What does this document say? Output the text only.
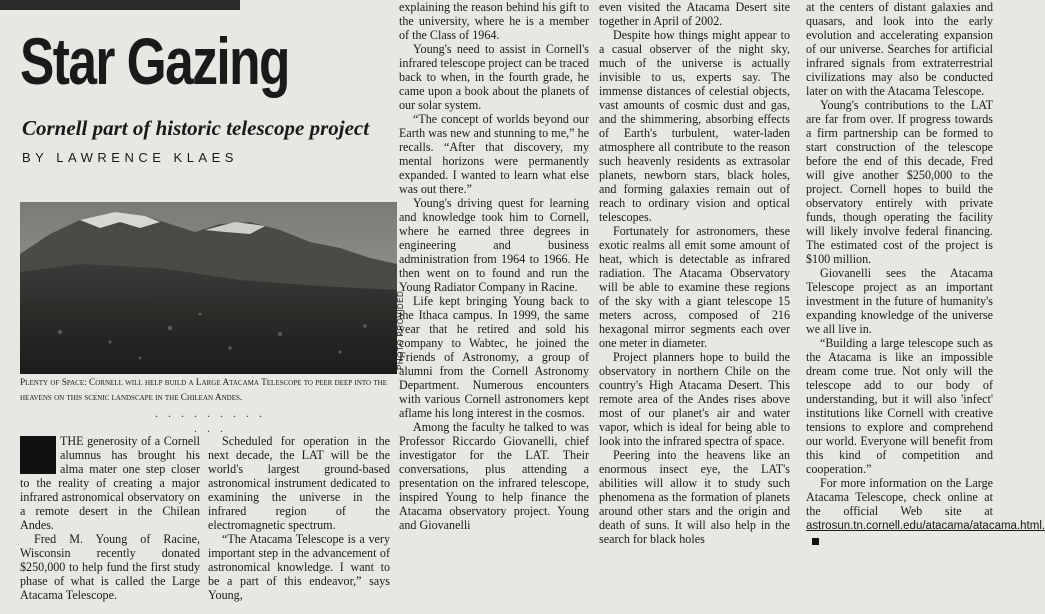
Star Gazing
Cornell part of historic telescope project
BY LAWRENCE KLAES
PHOTO PROVIDED

Plenty of Space: Cornell will help build a Large Atacama Telescope to peer deep into the heavens on this scenic landscape in the Chilean Andes.

· · · · · · · · · · · ·

THE generosity of a Cornell alumnus has brought his alma mater one step closer to the reality of creating a major infrared astronomical observatory on a remote desert in the Chilean Andes.

Fred M. Young of Racine, Wisconsin recently donated $250,000 to help fund the first study phase of what is called the Large Atacama Telescope.

Scheduled for operation in the next decade, the LAT will be the world's largest ground-based astronomical instrument dedicated to examining the universe in the infrared region of the electromagnetic spectrum.

“The Atacama Telescope is a very important step in the advancement of astronomical knowledge. I want to be a part of this endeavor,” says Young,

explaining the reason behind his gift to the university, where he is a member of the Class of 1964.

Young's need to assist in Cornell's infrared telescope project can be traced back to when, in the fourth grade, he came upon a book about the planets of our solar system.

“The concept of worlds beyond our Earth was new and stunning to me,” he recalls. “After that discovery, my mental horizons were permanently expanded. I wanted to learn what else was out there.”

Young's driving quest for learning and knowledge took him to Cornell, where he earned three degrees in engineering and business administration from 1964 to 1966. He then went on to found and run the Young Radiator Company in Racine.

Life kept bringing Young back to the Ithaca campus. In 1999, the same year that he retired and sold his company to Wabtec, he joined the Friends of Astronomy, a group of alumni from the Cornell Astronomy Department. Numerous encounters with various Cornell astronomers kept aflame his long interest in the cosmos.

Among the faculty he talked to was Professor Riccardo Giovanelli, chief investigator for the LAT. Their conversations, plus attending a presentation on the infrared telescope, inspired Young to help finance the Atacama observatory project. Young and Giovanelli

even visited the Atacama Desert site together in April of 2002.

Despite how things might appear to a casual observer of the night sky, much of the universe is actually invisible to us, experts say. The immense distances of celestial objects, vast amounts of cosmic dust and gas, and the shimmering, absorbing effects of Earth's turbulent, water-laden atmosphere all contribute to the reason such heavenly residents as extrasolar planets, newborn stars, black holes, and forming galaxies remain out of reach to ordinary vision and optical telescopes.

Fortunately for astronomers, these exotic realms all emit some amount of heat, which is detectable as infrared radiation. The Atacama Observatory will be able to examine these regions of the sky with a giant telescope 15 meters across, composed of 216 hexagonal mirror segments each over one meter in diameter.

Project planners hope to build the observatory in northern Chile on the country's High Atacama Desert. This remote area of the Andes rises above most of our planet's air and water vapor, which is ideal for being able to look into the infrared spectra of space.

Peering into the heavens like an enormous insect eye, the LAT's abilities will allow it to study such phenomena as the formation of planets around other stars and the origin and death of suns. It will also help in the search for black holes

at the centers of distant galaxies and quasars, and look into the early evolution and accelerating expansion of our universe. Searches for artificial infrared signals from extraterrestrial civilizations may also be conducted later on with the Atacama Telescope.

Young's contributions to the LAT are far from over. If progress towards a firm partnership can be formed to start construction of the telescope before the end of this decade, Fred will give another $250,000 to the project. Cornell hopes to build the observatory entirely with private funds, though operating the facility will likely involve federal financing. The estimated cost of the project is $100 million.

Giovanelli sees the Atacama Telescope project as an important investment in the future of humanity's expanding knowledge of the universe we all live in.

“Building a large telescope such as the Atacama is like an impossible dream come true. Not only will the telescope add to our body of understanding, but it will also 'infect' institutions like Cornell with creative tensions to explore and comprehend our world. Everyone will benefit from this kind of competition and cooperation.”

For more information on the Large Atacama Telescope, check online at the official Web site at astrosun.tn.cornell.edu/atacama/atacama.html.
